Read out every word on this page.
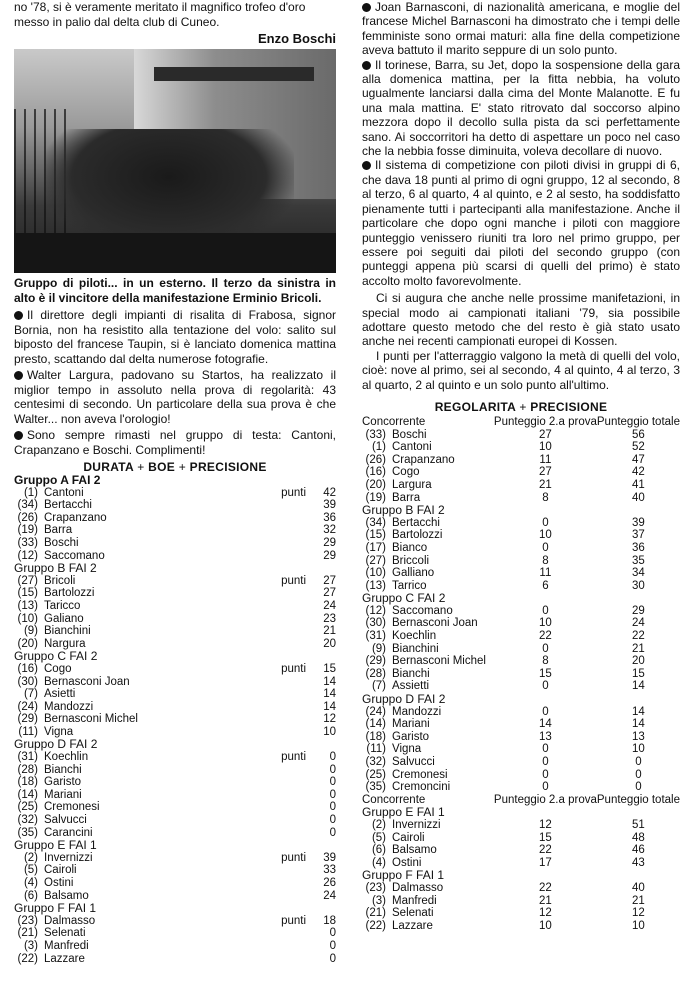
no '78, si è veramente meritato il magnifico trofeo d'oro messo in palio dal delta club di Cuneo.

Enzo Boschi

Gruppo di piloti... in un esterno. Il terzo da sinistra in alto è il vincitore della manifestazione Erminio Bricoli.

Il direttore degli impianti di risalita di Frabosa, signor Bornia, non ha resistito alla tentazione del volo: salito sul biposto del francese Taupin, si è lanciato domenica mattina presto, scattando dal delta numerose fotografie.

Walter Largura, padovano su Startos, ha realizzato il miglior tempo in assoluto nella prova di regolarità: 43 centesimi di secondo. Un particolare della sua prova è che Walter... non aveva l'orologio!

Sono sempre rimasti nel gruppo di testa: Cantoni, Crapanzano e Boschi. Complimenti!

DURATA + BOE + PRECISIONE
Gruppo A FAI 2			
(1)	Cantoni	punti	42
(34)	Bertacchi		39
(26)	Crapanzano		36
(19)	Barra		32
(33)	Boschi		29
(12)	Saccomano		29
Gruppo B FAI 2			
(27)	Bricoli	punti	27
(15)	Bartolozzi		27
(13)	Taricco		24
(10)	Galiano		23
(9)	Bianchini		21
(20)	Nargura		20
Gruppo C FAI 2			
(16)	Cogo	punti	15
(30)	Bernasconi Joan		14
(7)	Asietti		14
(24)	Mandozzi		14
(29)	Bernasconi Michel		12
(11)	Vigna		10
Gruppo D FAI 2			
(31)	Koechlin	punti	0
(28)	Bianchi		0
(18)	Garisto		0
(14)	Mariani		0
(25)	Cremonesi		0
(32)	Salvucci		0
(35)	Carancini		0
Gruppo E FAI 1			
(2)	Invernizzi	punti	39
(5)	Cairoli		33
(4)	Ostini		26
(6)	Balsamo		24
Gruppo F FAI 1			
(23)	Dalmasso	punti	18
(21)	Selenati		0
(3)	Manfredi		0
(22)	Lazzare		0

Joan Barnasconi, di nazionalità americana, e moglie del francese Michel Barnasconi ha dimostrato che i tempi delle femministe sono ormai maturi: alla fine della competizione aveva battuto il marito seppure di un solo punto.

Il torinese, Barra, su Jet, dopo la sospensione della gara alla domenica mattina, per la fitta nebbia, ha voluto ugualmente lanciarsi dalla cima del Monte Malanotte. E fu una mala mattina. E' stato ritrovato dal soccorso alpino mezzora dopo il decollo sulla pista da sci perfettamente sano. Ai soccorritori ha detto di aspettare un poco nel caso che la nebbia fosse diminuita, voleva decollare di nuovo.

Il sistema di competizione con piloti divisi in gruppi di 6, che dava 18 punti al primo di ogni gruppo, 12 al secondo, 8 al terzo, 6 al quarto, 4 al quinto, e 2 al sesto, ha soddisfatto pienamente tutti i partecipanti alla manifestazione. Anche il particolare che dopo ogni manche i piloti con maggiore punteggio venissero riuniti tra loro nel primo gruppo, per essere poi seguiti dai piloti del secondo gruppo (con punteggi appena più scarsi di quelli del primo) è stato accolto molto favorevolmente.

Ci si augura che anche nelle prossime manifetazioni, in special modo ai campionati italiani '79, sia possibile adottare questo metodo che del resto è già stato usato anche nei recenti campionati europei di Kossen.

I punti per l'atterraggio valgono la metà di quelli del volo, cioè: nove al primo, sei al secondo, 4 al quinto, 4 al terzo, 3 al quarto, 2 al quinto e un solo punto all'ultimo.

REGOLARITA + PRECISIONE
Concorrente		Punteggio 2.a prova	Punteggio totale
(33)	Boschi	27	56
(1)	Cantoni	10	52
(26)	Crapanzano	11	47
(16)	Cogo	27	42
(20)	Largura	21	41
(19)	Barra	8	40
Gruppo B FAI 2			
(34)	Bertacchi	0	39
(15)	Bartolozzi	10	37
(17)	Bianco	0	36
(27)	Briccoli	8	35
(10)	Galliano	11	34
(13)	Tarrico	6	30
Gruppo C FAI 2			
(12)	Saccomano	0	29
(30)	Bernasconi Joan	10	24
(31)	Koechlin	22	22
(9)	Bianchini	0	21
(29)	Bernasconi Michel	8	20
(28)	Bianchi	15	15
(7)	Assietti	0	14
Gruppo D FAI 2			
(24)	Mandozzi	0	14
(14)	Mariani	14	14
(18)	Garisto	13	13
(11)	Vigna	0	10
(32)	Salvucci	0	0
(25)	Cremonesi	0	0
(35)	Cremoncini	0	0
Concorrente		Punteggio 2.a prova	Punteggio totale
Gruppo E FAI 1			
(2)	Invernizzi	12	51
(5)	Cairoli	15	48
(6)	Balsamo	22	46
(4)	Ostini	17	43
Gruppo F FAI 1			
(23)	Dalmasso	22	40
(3)	Manfredi	21	21
(21)	Selenati	12	12
(22)	Lazzare	10	10
